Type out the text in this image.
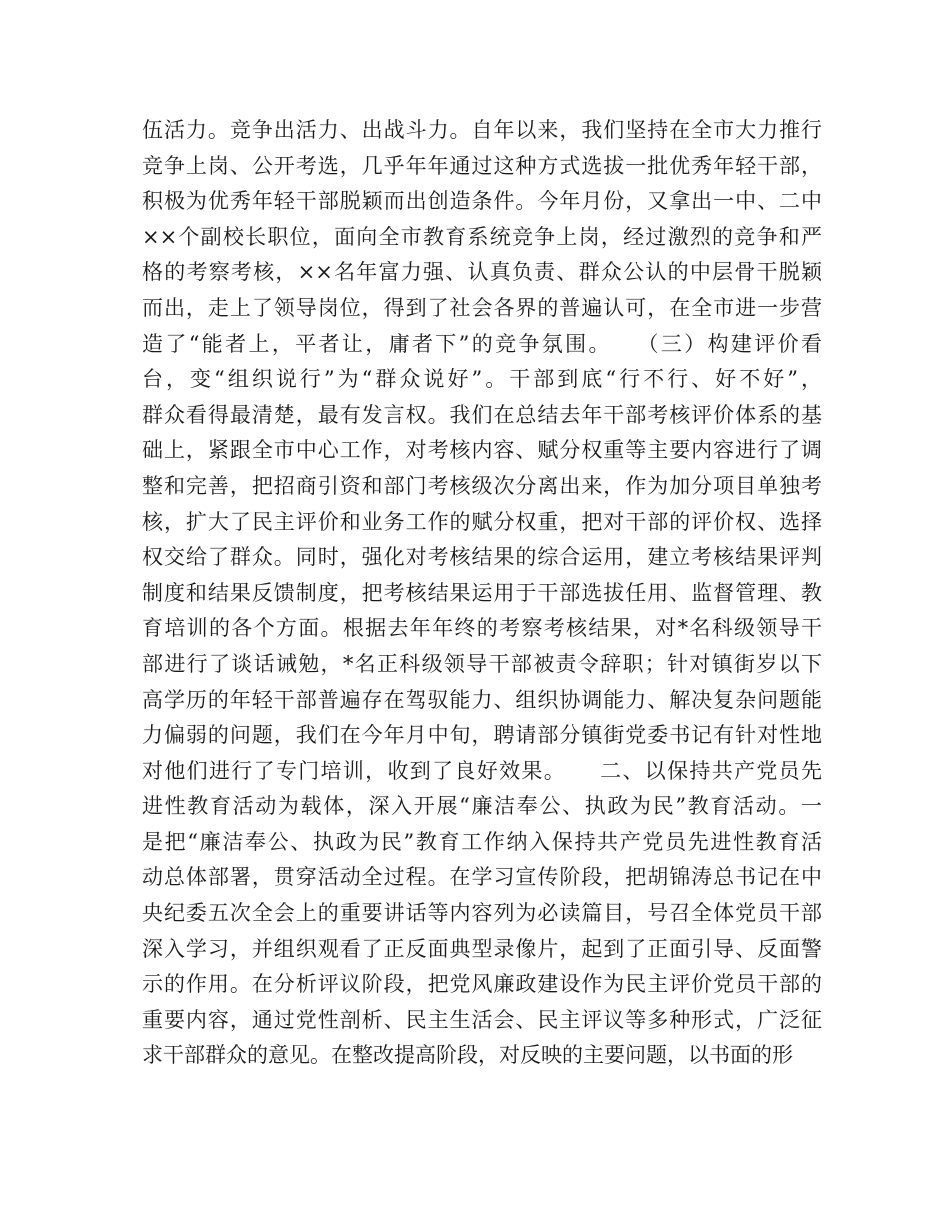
伍活力。竞争出活力、出战斗力。自年以来，我们坚持在全市大力推行
竞争上岗、公开考选，几乎年年通过这种方式选拔一批优秀年轻干部，
积极为优秀年轻干部脱颖而出创造条件。今年月份，又拿出一中、二中
××个副校长职位，面向全市教育系统竞争上岗，经过激烈的竞争和严
格的考察考核，××名年富力强、认真负责、群众公认的中层骨干脱颖
而出，走上了领导岗位，得到了社会各界的普遍认可，在全市进一步营
造了“能者上，平者让，庸者下”的竞争氛围。　　（三）构建评价看
台，变“组织说行”为“群众说好”。干部到底“行不行、好不好”，
群众看得最清楚，最有发言权。我们在总结去年干部考核评价体系的基
础上，紧跟全市中心工作，对考核内容、赋分权重等主要内容进行了调
整和完善，把招商引资和部门考核级次分离出来，作为加分项目单独考
核，扩大了民主评价和业务工作的赋分权重，把对干部的评价权、选择
权交给了群众。同时，强化对考核结果的综合运用，建立考核结果评判
制度和结果反馈制度，把考核结果运用于干部选拔任用、监督管理、教
育培训的各个方面。根据去年年终的考察考核结果，对*名科级领导干
部进行了谈话诫勉，*名正科级领导干部被责令辞职；针对镇街岁以下
高学历的年轻干部普遍存在驾驭能力、组织协调能力、解决复杂问题能
力偏弱的问题，我们在今年月中旬，聘请部分镇街党委书记有针对性地
对他们进行了专门培训，收到了良好效果。　　二、以保持共产党员先
进性教育活动为载体，深入开展“廉洁奉公、执政为民”教育活动。一
是把“廉洁奉公、执政为民”教育工作纳入保持共产党员先进性教育活
动总体部署，贯穿活动全过程。在学习宣传阶段，把胡锦涛总书记在中
央纪委五次全会上的重要讲话等内容列为必读篇目，号召全体党员干部
深入学习，并组织观看了正反面典型录像片，起到了正面引导、反面警
示的作用。在分析评议阶段，把党风廉政建设作为民主评价党员干部的
重要内容，通过党性剖析、民主生活会、民主评议等多种形式，广泛征
求干部群众的意见。在整改提高阶段，对反映的主要问题，以书面的形
